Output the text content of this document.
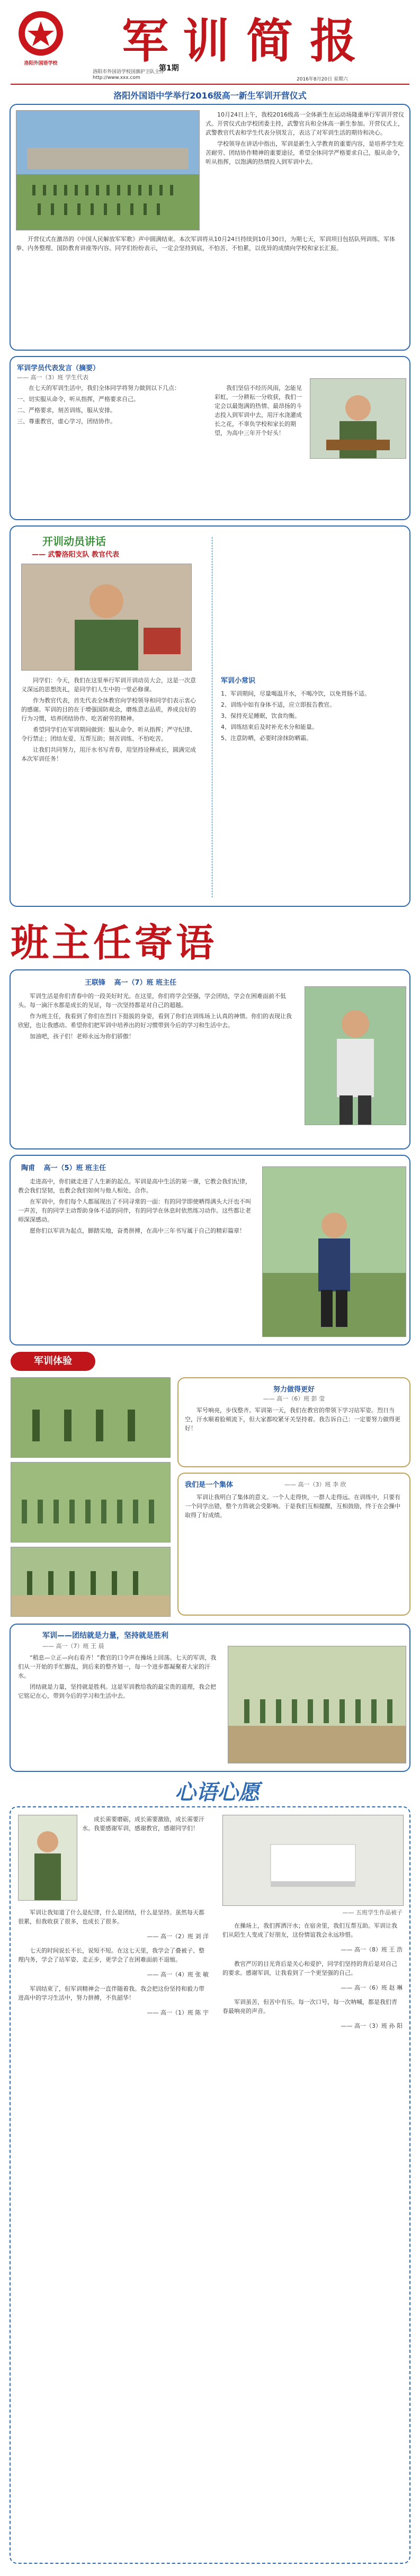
洛阳外国语学校	军 训 简 报
第1期
洛阳市外国语学校国旗护卫队主办
http://www.xxx.com	2016年8月20日 星期六
洛阳外国语中学举行2016级高一新生军训开营仪式

10月24日上午，我校2016级高一全体新生在运动场隆重举行军训开营仪式。开营仪式由学校团委主持，武警官兵和全体高一新生参加。开营仪式上，武警教官代表和学生代表分别发言，表达了对军训生活的期待和决心。

学校领导在讲话中指出，军训是新生入学教育的重要内容，是培养学生吃苦耐劳、团结协作精神的重要途径，希望全体同学严格要求自己，服从命令，听从指挥，以饱满的热情投入到军训中去。

开营仪式在激昂的《中国人民解放军军歌》声中圆满结束。本次军训将从10月24日持续到10月30日，为期七天，军训项目包括队列训练、军体拳、内务整理、国防教育讲座等内容。同学们纷纷表示，一定会坚持到底，不怕苦、不怕累，以优异的成绩向学校和家长汇报。

军训学员代表发言（摘要）
—— 高一（3）班 学生代表

在七天的军训生活中，我们全体同学将努力做到以下几点：

一、切实服从命令，听从指挥，严格要求自己。

二、严格要求，刻苦训练，服从安排。

三、尊重教官，虚心学习，团结协作。

我们坚信不经历风雨，怎能见彩虹，一分耕耘一分收获，我们一定会以最饱满的热情、最昂扬的斗志投入到军训中去，用汗水浇灌成长之花，不辜负学校和家长的期望，为高中三年开个好头！

开训动员讲话
—— 武警洛阳支队 教官代表

同学们：今天，我们在这里举行军训开训动员大会，这是一次意义深远的思想洗礼，是同学们人生中的一堂必修课。

作为教官代表，首先代表全体教官向学校领导和同学们表示衷心的感谢。军训的目的在于增强国防观念，磨炼意志品质，养成良好的行为习惯，培养团结协作、吃苦耐劳的精神。

希望同学们在军训期间做到：服从命令、听从指挥；严守纪律、令行禁止；团结友爱、互帮互助；刻苦训练、不怕吃苦。

让我们共同努力，用汗水书写青春，用坚持诠释成长，圆满完成本次军训任务！

军训小常识

1、军训期间，尽量喝温开水，不喝冷饮，以免胃肠不适。

2、训练中如有身体不适，应立即报告教官。

3、保持充足睡眠，饮食均衡。

4、训练结束后及时补充水分和能量。

5、注意防晒，必要时涂抹防晒霜。

班主任寄语
王联锋 高一（7）班 班主任

军训生活是你们青春中的一段美好时光。在这里，你们将学会坚强，学会团结，学会在困难面前不低头。每一滴汗水都是成长的见证，每一次坚持都是对自己的超越。

作为班主任，我看到了你们在烈日下挺拔的身姿，看到了你们在训练场上认真的神情。你们的表现让我欣慰，也让我感动。希望你们把军训中培养出的好习惯带到今后的学习和生活中去。

加油吧，孩子们！老师永远为你们骄傲！

陶甫 高一（5）班 班主任

走进高中，你们就走进了人生新的起点。军训是高中生活的第一课，它教会我们纪律，教会我们坚韧，也教会我们如何与他人相处、合作。

在军训中，你们每个人都展现出了不同寻常的一面：有的同学即使晒得满头大汗也不叫一声苦，有的同学主动帮助身体不适的同伴，有的同学在休息时依然练习动作。这些都让老师深深感动。

愿你们以军训为起点，脚踏实地，奋勇拼搏，在高中三年书写属于自己的精彩篇章！

军训体验
努力做得更好
—— 高一（6）班 彭 莹

军号响亮，步伐整齐。军训第一天，我们在教官的带领下学习站军姿。烈日当空，汗水顺着脸颊流下，但大家都咬紧牙关坚持着。我告诉自己：一定要努力做得更好！

我们是一个集体	—— 高一（3）班 李 欣

军训让我明白了集体的意义。一个人走得快，一群人走得远。在训练中，只要有一个同学出错，整个方阵就会受影响。于是我们互相提醒，互相鼓励，终于在会操中取得了好成绩。

军训——团结就是力量，坚持就是胜利
—— 高一（7）班 王 晨

“稍息—立正—向右看齐！”教官的口令声在操场上回荡。七天的军训，我们从一开始的手忙脚乱，到后来的整齐划一，每一个进步都凝聚着大家的汗水。

团结就是力量，坚持就是胜利。这是军训教给我的最宝贵的道理，我会把它铭记在心，带到今后的学习和生活中去。

心语心愿

成长需要磨砺，成长需要激励，成长需要汗水。我要感谢军训，感谢教官，感谢同学们！

军训让我知道了什么是纪律，什么是团结，什么是坚持。虽然每天都很累，但我收获了很多，也成长了很多。

—— 高一（2）班 刘 洋

七天的时间说长不长，说短不短。在这七天里，我学会了叠被子、整理内务，学会了站军姿、走正步，更学会了在困难面前不退缩。

—— 高一（4）班 张 敏

军训结束了，但军训精神会一直伴随着我。我会把这份坚持和毅力带进高中的学习生活中，努力拼搏，不负韶华！

—— 高一（1）班 陈 宇

—— 五班学生作品被子

在操场上，我们挥洒汗水；在宿舍里，我们互帮互助。军训让我们从陌生人变成了好朋友，这份情谊我会永远珍惜。

—— 高一（8）班 王 浩

教官严厉的目光背后是关心和爱护，同学们坚持的背后是对自己的要求。感谢军训，让我看到了一个更坚强的自己。

—— 高一（6）班 赵 琳

军训虽苦，但苦中有乐。每一次口号，每一次呐喊，都是我们青春最响亮的声音。

—— 高一（3）班 孙 阳
